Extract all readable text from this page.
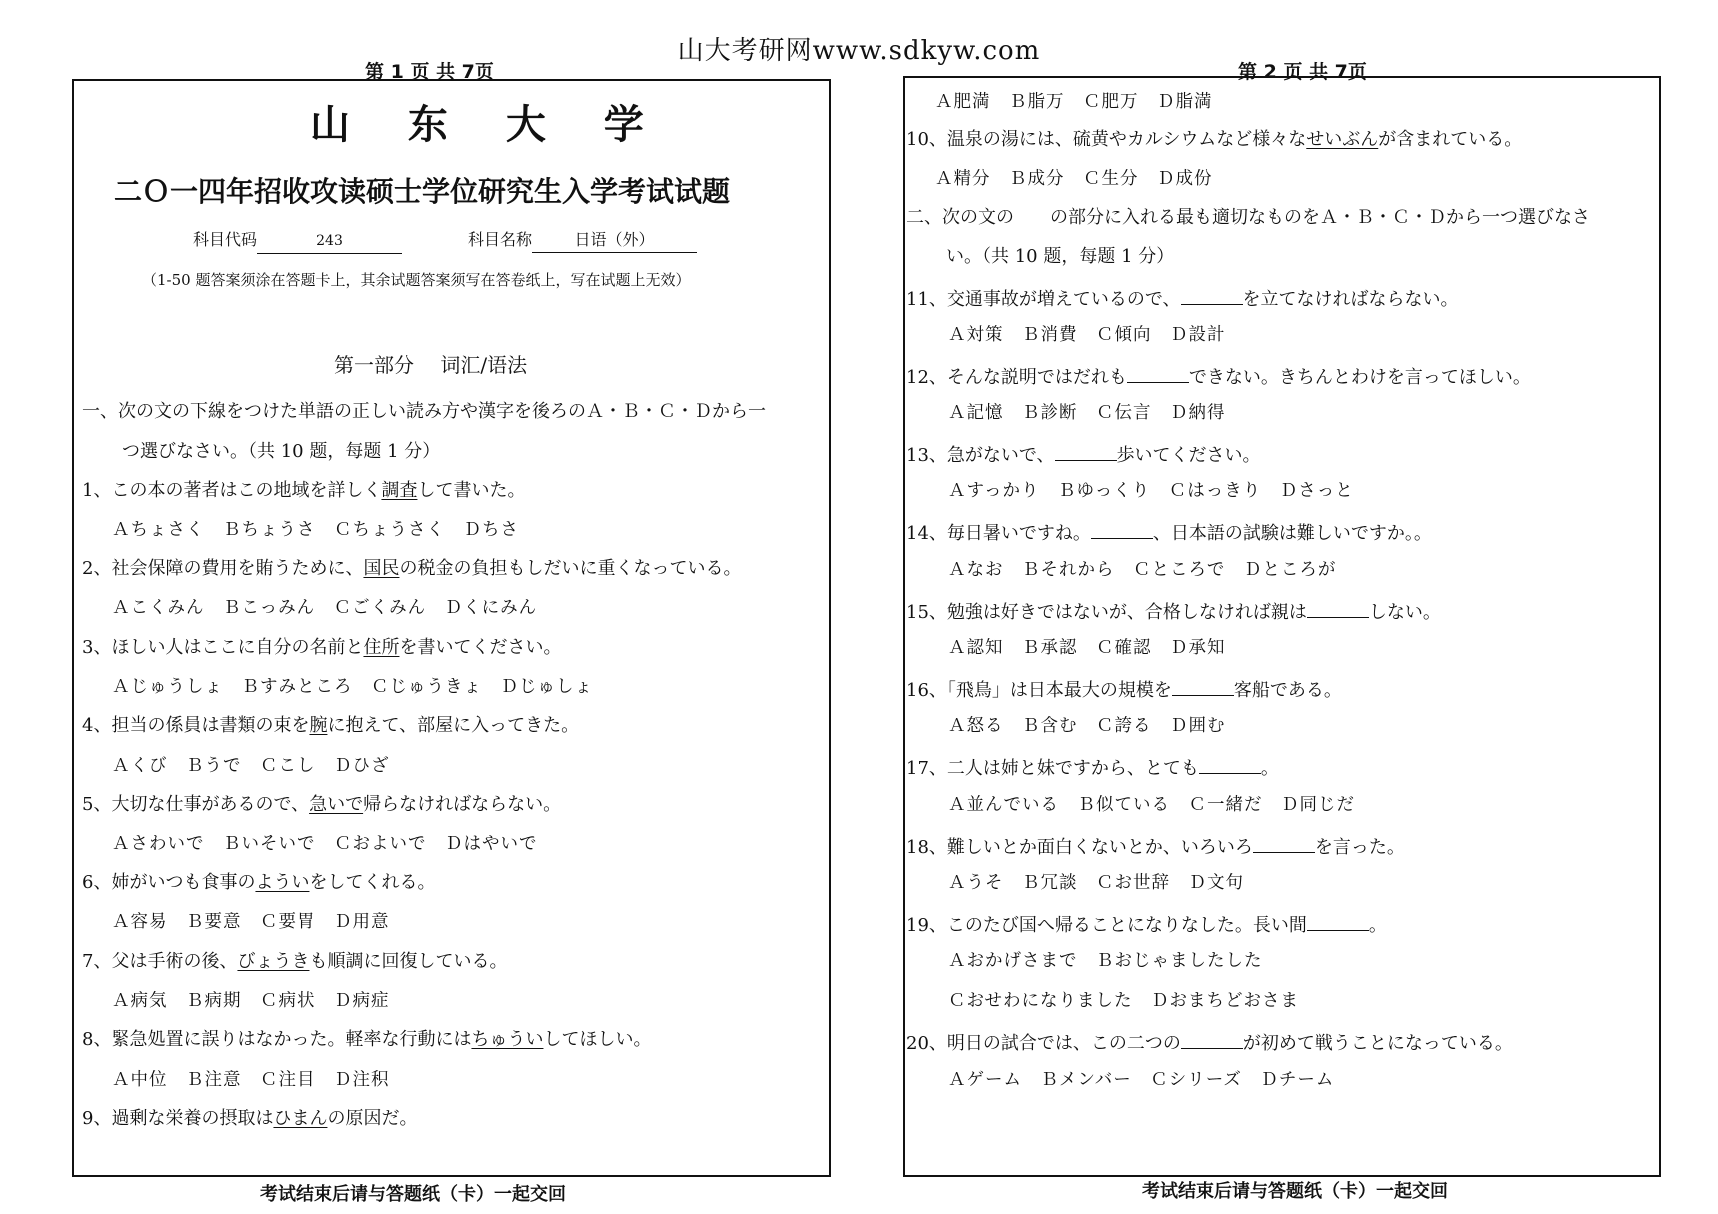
山大考研网www.sdkyw.com
第 1 页 共 7页	第 2 页 共 7页
山 东 大 学
二Ｏ一四年招收攻读硕士学位研究生入学考试试题
科目代码	243	科目名称	日语（外）
（1-50 题答案须涂在答题卡上，其余试题答案须写在答卷纸上，写在试题上无效）
第一部分　 词汇/语法
一、次の文の下線をつけた単語の正しい読み方や漢字を後ろのＡ・Ｂ・Ｃ・Ｄから一
つ選びなさい。（共 10 题，每题 1 分）
1、この本の著者はこの地域を詳しく調査して書いた。
Ａちょさく　Ｂちょうさ　Ｃちょうさく　Ｄちさ
2、社会保障の費用を賄うために、国民の税金の負担もしだいに重くなっている。
Ａこくみん　Ｂこっみん　Ｃごくみん　Ｄくにみん
3、ほしい人はここに自分の名前と住所を書いてください。
Ａじゅうしょ　Ｂすみところ　Ｃじゅうきょ　Ｄじゅしょ
4、担当の係員は書類の束を腕に抱えて、部屋に入ってきた。
Ａくび　Ｂうで　Ｃこし　Ｄひざ
5、大切な仕事があるので、急いで帰らなければならない。
Ａさわいで　Ｂいそいで　Ｃおよいで　Ｄはやいで
6、姉がいつも食事のよういをしてくれる。
Ａ容易　Ｂ要意　Ｃ要胃　Ｄ用意
7、父は手術の後、びょうきも順調に回復している。
Ａ病気　Ｂ病期　Ｃ病状　Ｄ病症
8、緊急処置に誤りはなかった。軽率な行動にはちゅういしてほしい。
Ａ中位　Ｂ注意　Ｃ注目　Ｄ注积
9、過剰な栄養の摂取はひまんの原因だ。
考试结束后请与答题纸（卡）一起交回
Ａ肥満　Ｂ脂万　Ｃ肥万　Ｄ脂満
10、温泉の湯には、硫黄やカルシウムなど様々なせいぶんが含まれている。
Ａ精分　Ｂ成分　Ｃ生分　Ｄ成份
二、次の文の　　の部分に入れる最も適切なものをＡ・Ｂ・Ｃ・Ｄから一つ選びなさ
い。（共 10 题，每题 1 分）
11、交通事故が増えているので、	を立てなければならない。
Ａ対策　Ｂ消費　Ｃ傾向　Ｄ設計
12、そんな説明ではだれも	できない。きちんとわけを言ってほしい。
Ａ記憶　Ｂ診断　Ｃ伝言　Ｄ納得
13、急がないで、	歩いてください。
Ａすっかり　Ｂゆっくり　Ｃはっきり　Ｄさっと
14、毎日暑いですね。	、日本語の試験は難しいですか。。
Ａなお　Ｂそれから　Ｃところで　Ｄところが
15、勉強は好きではないが、合格しなければ親は	しない。
Ａ認知　Ｂ承認　Ｃ確認　Ｄ承知
16、「飛鳥」は日本最大の規模を	客船である。
Ａ怒る　Ｂ含む　Ｃ誇る　Ｄ囲む
17、二人は姉と妹ですから、とても	。
Ａ並んでいる　Ｂ似ている　Ｃ一緒だ　Ｄ同じだ
18、難しいとか面白くないとか、いろいろ	を言った。
Ａうそ　Ｂ冗談　Ｃお世辞　Ｄ文句
19、このたび国へ帰ることになりなした。長い間	。
Ａおかげさまで　Ｂおじゃましたした
Ｃおせわになりました　Ｄおまちどおさま
20、明日の試合では、この二つの	が初めて戦うことになっている。
Ａゲーム　Ｂメンバー　Ｃシリーズ　Ｄチーム
考试结束后请与答题纸（卡）一起交回
